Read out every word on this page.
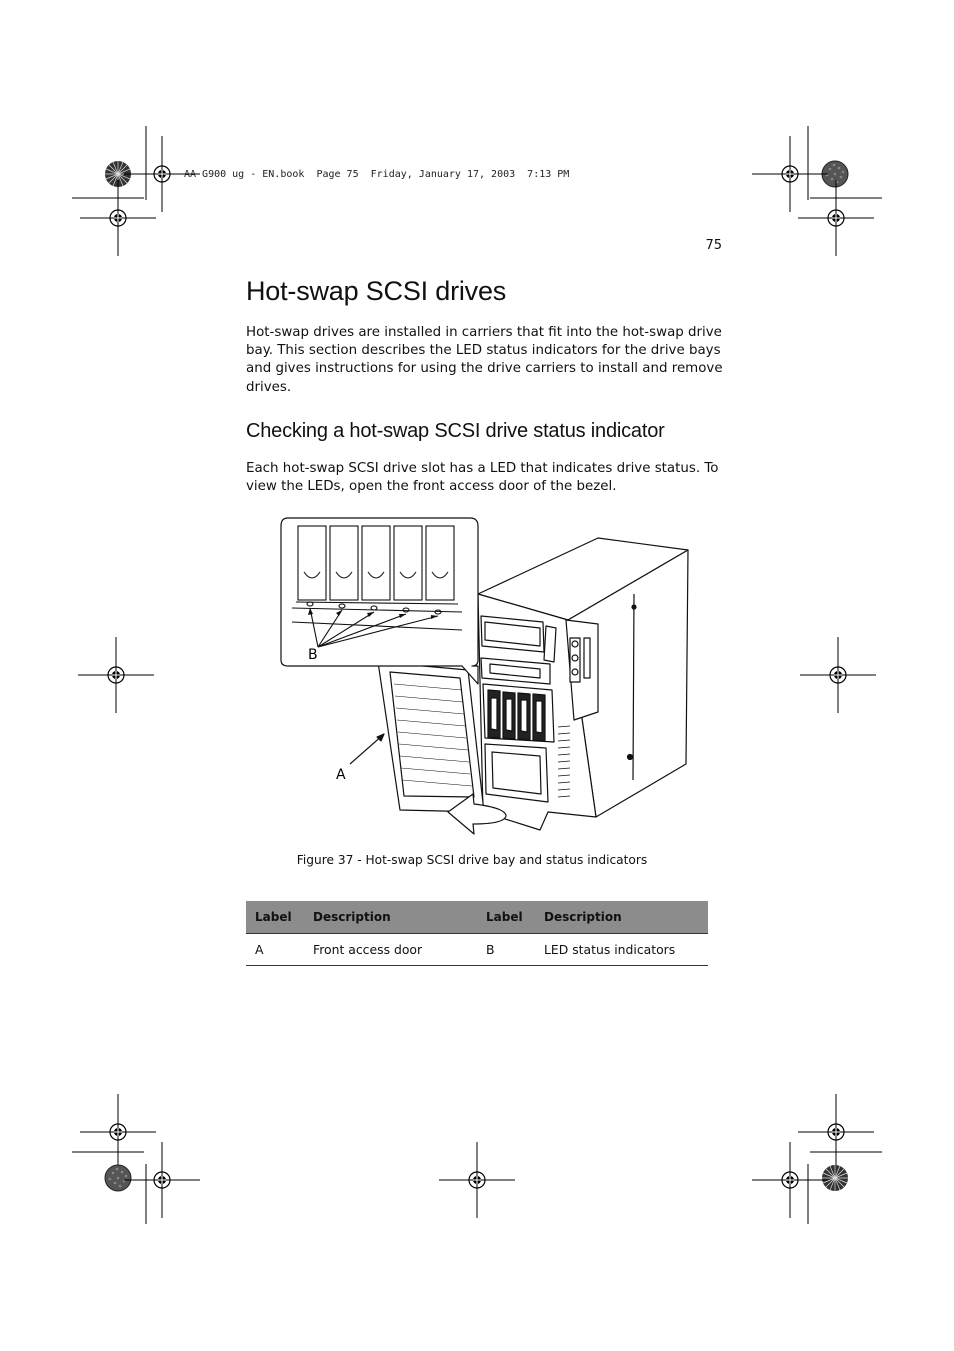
AA G900 ug - EN.book  Page 75  Friday, January 17, 2003  7:13 PM
75
Hot-swap SCSI drives

Hot-swap drives are installed in carriers that fit into the hot-swap drive bay. This section describes the LED status indicators for the drive bays and gives instructions for using the drive carriers to install and remove drives.

Checking a hot-swap SCSI drive status indicator

Each hot-swap SCSI drive slot has a LED that indicates drive status. To view the LEDs, open the front access door of the bezel.

B
A
Figure 37 - Hot-swap SCSI drive bay and status indicators
Label	Description	Label	Description
A	Front access door	B	LED status indicators
